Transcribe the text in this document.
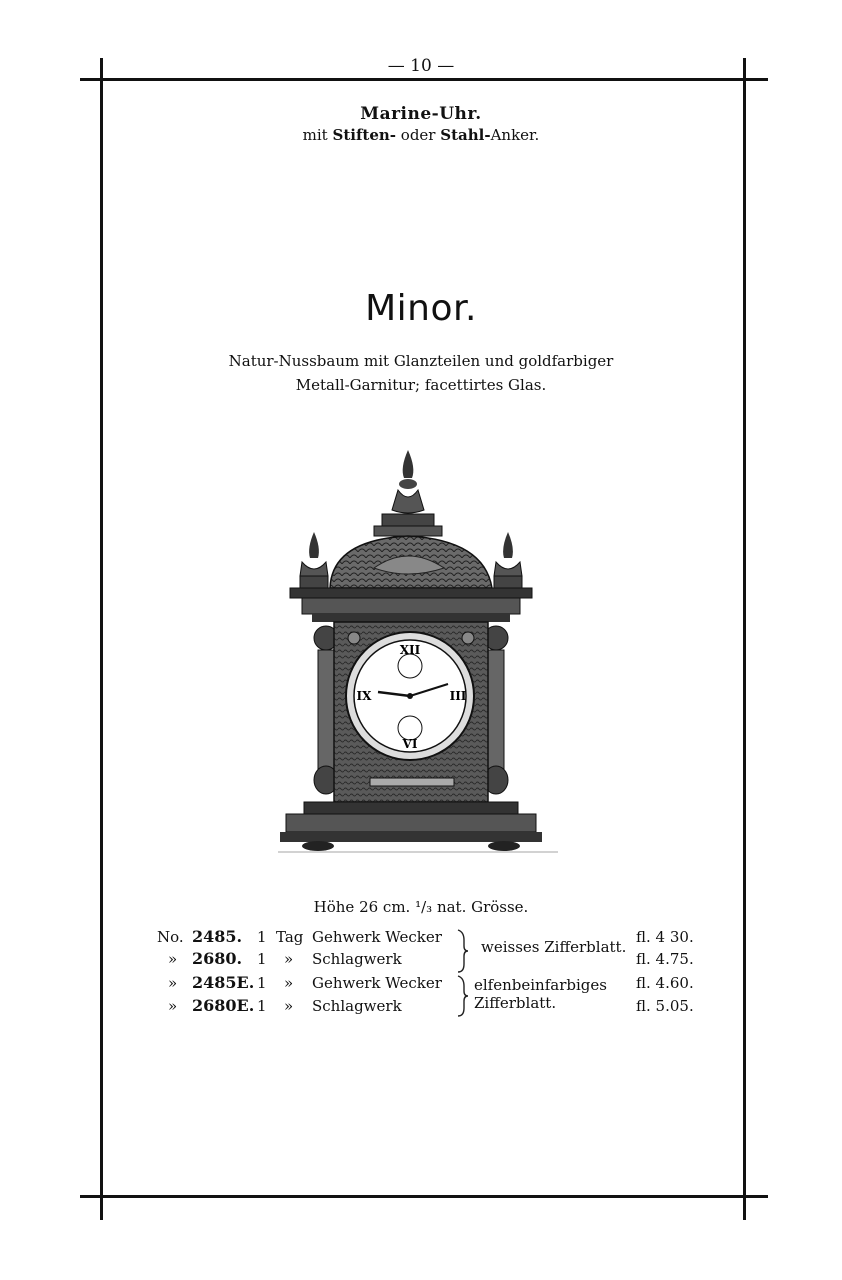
— 10 —
Marine-Uhr.
mit Stiften- oder Stahl-Anker.
Minor.
Natur-Nussbaum mit Glanzteilen und goldfarbiger
Metall-Garnitur; facettirtes Glas.
XII
III
VI
IX
Höhe 26 cm. ¹/₃ nat. Grösse.
No. 2485. 1 Tag Gehwerk Wecker	fl. 4 30.
» 2680. 1 » Schlagwerk	fl. 4.75.
» 2485E. 1 » Gehwerk Wecker	fl. 4.60.
» 2680E. 1 » Schlagwerk	fl. 5.05.
weisses Zifferblatt.
elfenbeinfarbiges
Zifferblatt.
